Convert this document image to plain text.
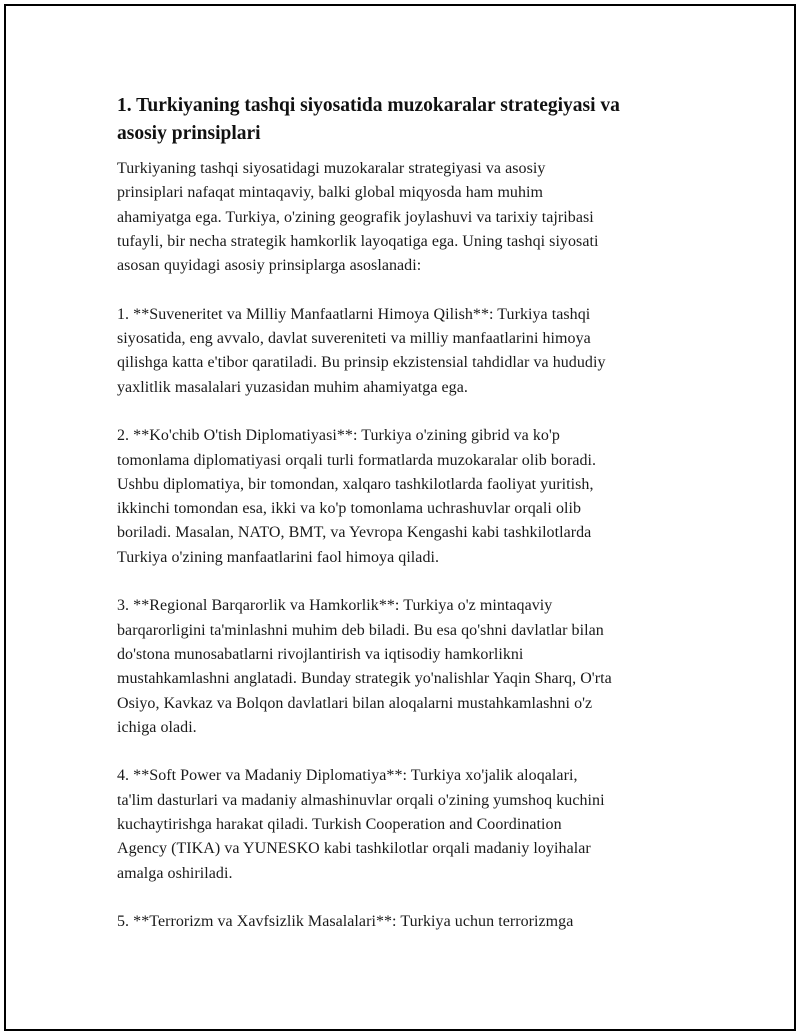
1. Turkiyaning tashqi siyosatida muzokaralar strategiyasi va
asosiy prinsiplari

Turkiyaning tashqi siyosatidagi muzokaralar strategiyasi va asosiy
prinsiplari nafaqat mintaqaviy, balki global miqyosda ham muhim
ahamiyatga ega. Turkiya, o'zining geografik joylashuvi va tarixiy tajribasi
tufayli, bir necha strategik hamkorlik layoqatiga ega. Uning tashqi siyosati
asosan quyidagi asosiy prinsiplarga asoslanadi:

1. **Suveneritet va Milliy Manfaatlarni Himoya Qilish**: Turkiya tashqi
siyosatida, eng avvalo, davlat suvereniteti va milliy manfaatlarini himoya
qilishga katta e'tibor qaratiladi. Bu prinsip ekzistensial tahdidlar va hududiy
yaxlitlik masalalari yuzasidan muhim ahamiyatga ega.

2. **Ko'chib O'tish Diplomatiyasi**: Turkiya o'zining gibrid va ko'p
tomonlama diplomatiyasi orqali turli formatlarda muzokaralar olib boradi.
Ushbu diplomatiya, bir tomondan, xalqaro tashkilotlarda faoliyat yuritish,
ikkinchi tomondan esa, ikki va ko'p tomonlama uchrashuvlar orqali olib
boriladi. Masalan, NATO, BMT, va Yevropa Kengashi kabi tashkilotlarda
Turkiya o'zining manfaatlarini faol himoya qiladi.

3. **Regional Barqarorlik va Hamkorlik**: Turkiya o'z mintaqaviy
barqarorligini ta'minlashni muhim deb biladi. Bu esa qo'shni davlatlar bilan
do'stona munosabatlarni rivojlantirish va iqtisodiy hamkorlikni
mustahkamlashni anglatadi. Bunday strategik yo'nalishlar Yaqin Sharq, O'rta
Osiyo, Kavkaz va Bolqon davlatlari bilan aloqalarni mustahkamlashni o'z
ichiga oladi.

4. **Soft Power va Madaniy Diplomatiya**: Turkiya xo'jalik aloqalari,
ta'lim dasturlari va madaniy almashinuvlar orqali o'zining yumshoq kuchini
kuchaytirishga harakat qiladi. Turkish Cooperation and Coordination
Agency (TIKA) va YUNESKO kabi tashkilotlar orqali madaniy loyihalar
amalga oshiriladi.

5. **Terrorizm va Xavfsizlik Masalalari**: Turkiya uchun terrorizmga
